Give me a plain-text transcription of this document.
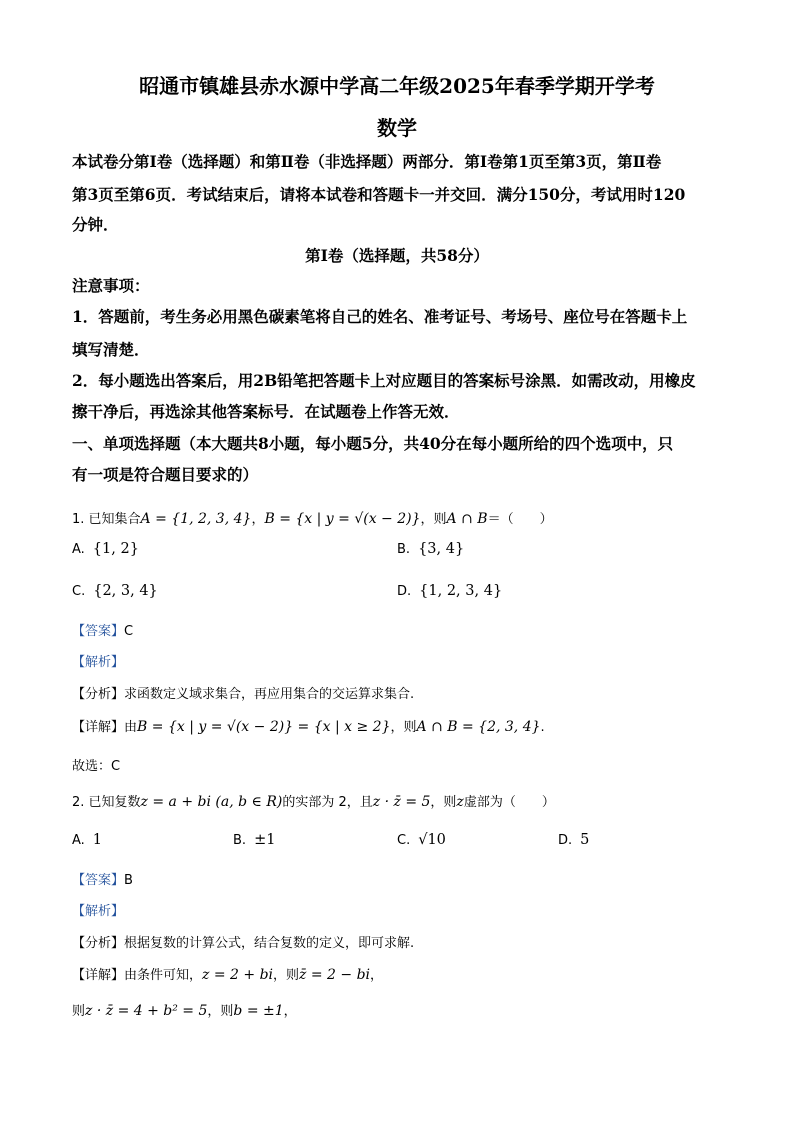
昭通市镇雄县赤水源中学高二年级2025年春季学期开学考
数学
本试卷分第Ⅰ卷（选择题）和第Ⅱ卷（非选择题）两部分．第Ⅰ卷第1页至第3页，第Ⅱ卷
第3页至第6页．考试结束后，请将本试卷和答题卡一并交回．满分150分，考试用时120
分钟．
第Ⅰ卷（选择题，共58分）
注意事项：
1．答题前，考生务必用黑色碳素笔将自己的姓名、准考证号、考场号、座位号在答题卡上
填写清楚．
2．每小题选出答案后，用2B铅笔把答题卡上对应题目的答案标号涂黑．如需改动，用橡皮
擦干净后，再选涂其他答案标号．在试题卷上作答无效．
一、单项选择题（本大题共8小题，每小题5分，共40分在每小题所给的四个选项中，只
有一项是符合题目要求的）
1. 已知集合A = {1, 2, 3, 4}，B = {x | y = √(x − 2)}，则A ∩ B＝（　　）
A. {1, 2}	B. {3, 4}
C. {2, 3, 4}	D. {1, 2, 3, 4}
【答案】C
【解析】
【分析】求函数定义域求集合，再应用集合的交运算求集合.
【详解】由B = {x | y = √(x − 2)} = {x | x ≥ 2}，则A ∩ B = {2, 3, 4}.
故选：C
2. 已知复数z = a + bi (a, b ∈ R)的实部为 2，且z · z̄ = 5，则z虚部为（　　）
A. 1	B. ±1	C. √10	D. 5
【答案】B
【解析】
【分析】根据复数的计算公式，结合复数的定义，即可求解.
【详解】由条件可知，z = 2 + bi，则z̄ = 2 − bi，
则z · z̄ = 4 + b² = 5，则b = ±1，
